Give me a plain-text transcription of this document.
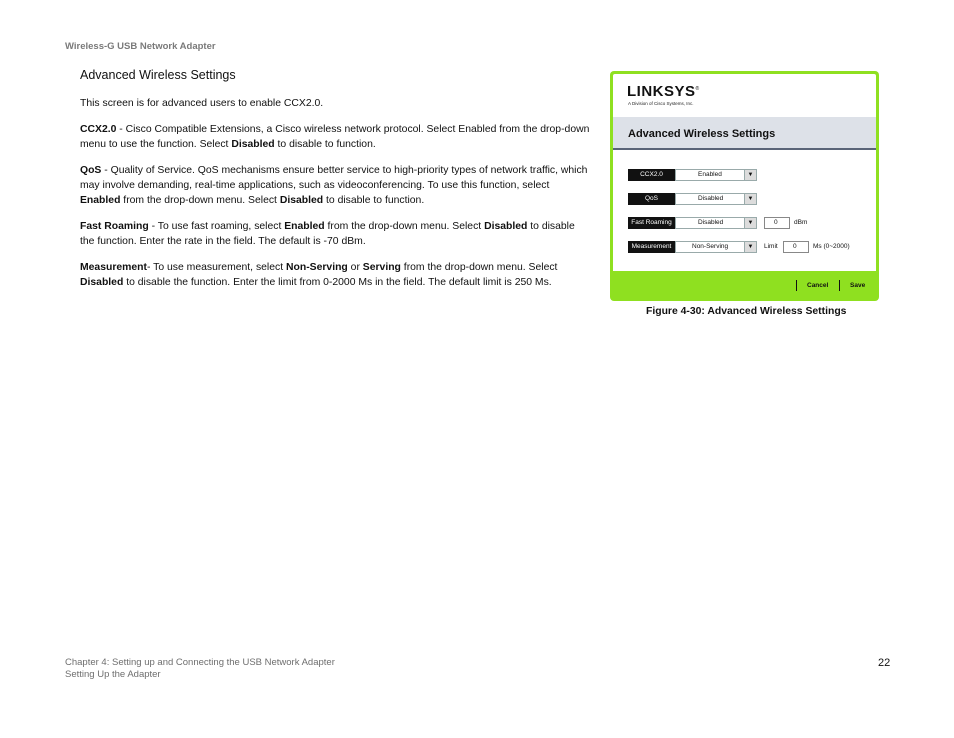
Wireless-G USB Network Adapter
Advanced Wireless Settings

This screen is for advanced users to enable CCX2.0.

CCX2.0 - Cisco Compatible Extensions, a Cisco wireless network protocol. Select Enabled from the drop-down menu to use the function. Select Disabled to disable to function.

QoS - Quality of Service. QoS mechanisms ensure better service to high-priority types of network traffic, which may involve demanding, real-time applications, such as videoconferencing. To use this function, select Enabled from the drop-down menu. Select Disabled to disable to function.

Fast Roaming - To use fast roaming, select Enabled from the drop-down menu. Select Disabled to disable the function. Enter the rate in the field. The default is -70 dBm.

Measurement- To use measurement, select Non-Serving or Serving from the drop-down menu. Select Disabled to disable the function. Enter the limit from 0-2000 Ms in the field. The default limit is 250 Ms.

LINKSYS®
A Division of Cisco Systems, Inc.
Advanced Wireless Settings
CCX2.0	Enabled	▼
QoS	Disabled	▼
Fast Roaming	Disabled	▼	0	dBm
Measurement	Non-Serving	▼	Limit	0	Ms (0~2000)
Cancel	Save
Figure 4-30: Advanced Wireless Settings
Chapter 4: Setting up and Connecting the USB Network Adapter
Setting Up the Adapter
22
